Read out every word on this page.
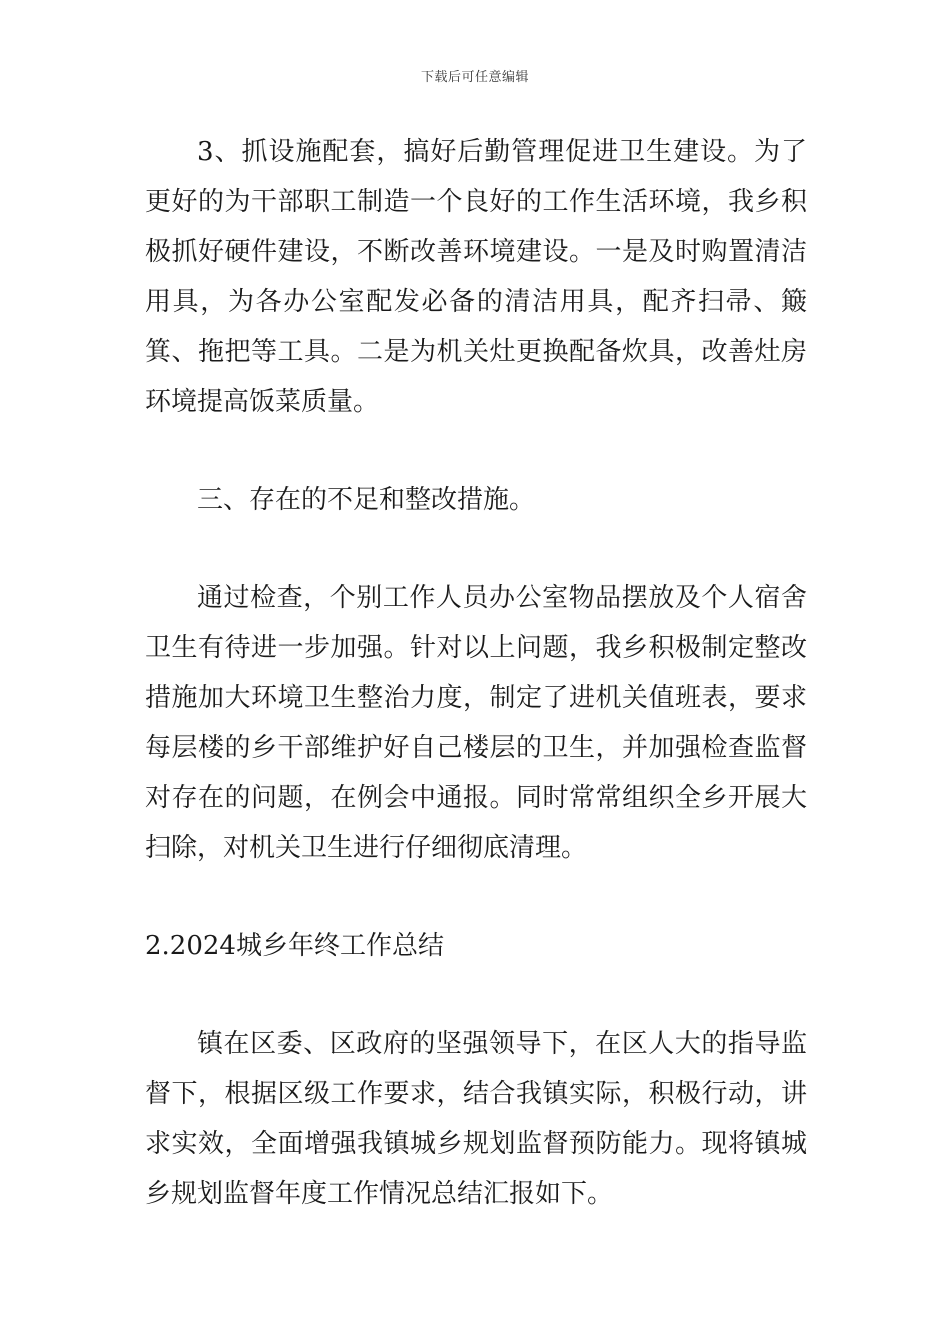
下载后可任意编辑

3、抓设施配套，搞好后勤管理促进卫生建设。为了更好的为干部职工制造一个良好的工作生活环境，我乡积极抓好硬件建设，不断改善环境建设。一是及时购置清洁用具，为各办公室配发必备的清洁用具，配齐扫帚、簸箕、拖把等工具。二是为机关灶更换配备炊具，改善灶房环境提高饭菜质量。

三、存在的不足和整改措施。

通过检查，个别工作人员办公室物品摆放及个人宿舍卫生有待进一步加强。针对以上问题，我乡积极制定整改措施加大环境卫生整治力度，制定了进机关值班表，要求每层楼的乡干部维护好自己楼层的卫生，并加强检查监督对存在的问题，在例会中通报。同时常常组织全乡开展大扫除，对机关卫生进行仔细彻底清理。

2.2024城乡年终工作总结

镇在区委、区政府的坚强领导下，在区人大的指导监督下，根据区级工作要求，结合我镇实际，积极行动，讲求实效，全面增强我镇城乡规划监督预防能力。现将镇城乡规划监督年度工作情况总结汇报如下。
